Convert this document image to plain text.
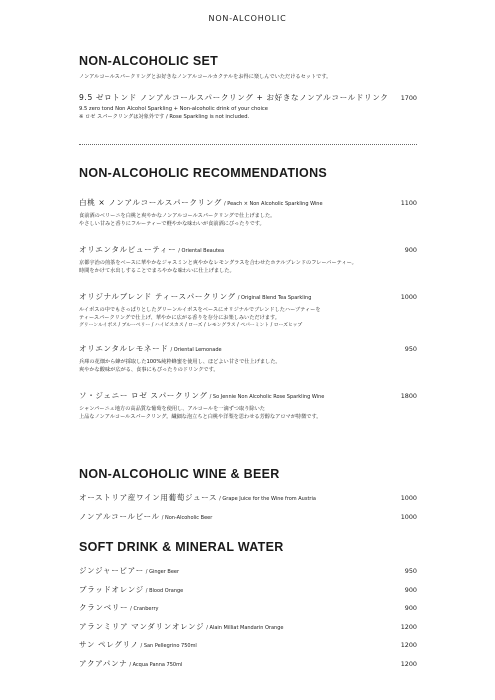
NON-ALCOHOLIC
NON-ALCOHOLIC SET
ノンアルコールスパークリングとお好きなノンアルコールカクテルをお得に楽しんでいただけるセットです。
9.5 ゼロトンド ノンアルコールスパークリング + お好きなノンアルコールドリンク 1700
9.5 zero tond Non Alcohol Sparkling + Non-alcoholic drink of your choice
※ ロゼ スパークリングは対象外です / Rose Sparkling is not included.
NON-ALCOHOLIC RECOMMENDATIONS
白桃 × ノンアルコールスパークリング / Peach × Non Alcoholic Sparkling Wine	1100
食前酒のベリーニを白桃と爽やかなノンアルコールスパークリングで仕上げました。
やさしい甘みと香りにフルーティーで軽やかな味わいが食前酒にぴったりです。
オリエンタルビューティー / Oriental Beautea	900
京都宇治の煎茶をベースに華やかなジャスミンと爽やかなレモングラスを合わせたホテルブレンドのフレーバーティー。
時間をかけて水出しすることでまろやかな味わいに仕上げました。
オリジナルブレンド ティースパークリング / Original Blend Tea Sparkling	1000
ルイボスの中でもさっぱりとしたグリーンルイボスをベースにオリジナルでブレンドしたハーブティーを
ティースパークリングで仕上げ、華やかに広がる香りを存分にお楽しみいただけます。
グリーンルイボス / ブルーベリー / ハイビスカス / ローズ / レモングラス / ペパーミント / ローズヒップ
オリエンタルレモネード / Oriental Lemonade	950
兵庫の花畑から蜂が採取した100%純粋蜂蜜を使用し、ほどよい甘さで仕上げました。
爽やかな酸味が広がる、食事にもぴったりのドリンクです。
ソ・ジェニー ロゼ スパークリング / So Jennie Non Alcoholic Rose Sparkling Wine	1800
シャンパーニュ地方の高品質な葡萄を使用し、アルコールを一滴ずつ取り除いた
上品なノンアルコールスパークリング。繊細な泡立ちと白桃や洋梨を思わせる芳醇なアロマが特徴です。
NON-ALCOHOLIC WINE & BEER
オーストリア産ワイン用葡萄ジュース / Grape Juice for the Wine from Austria	1000
ノンアルコールビール / Non-Alcoholic Beer	1000
SOFT DRINK & MINERAL WATER
ジンジャービアー / Ginger Beer	950
ブラッドオレンジ / Blood Orange	900
クランベリー / Cranberry	900
アランミリア マンダリンオレンジ / Alain Milliat Mandarin Orange	1200
サン ペレグリノ / San Pellegrino 750ml	1200
アクアパンナ / Acqua Panna 750ml	1200
